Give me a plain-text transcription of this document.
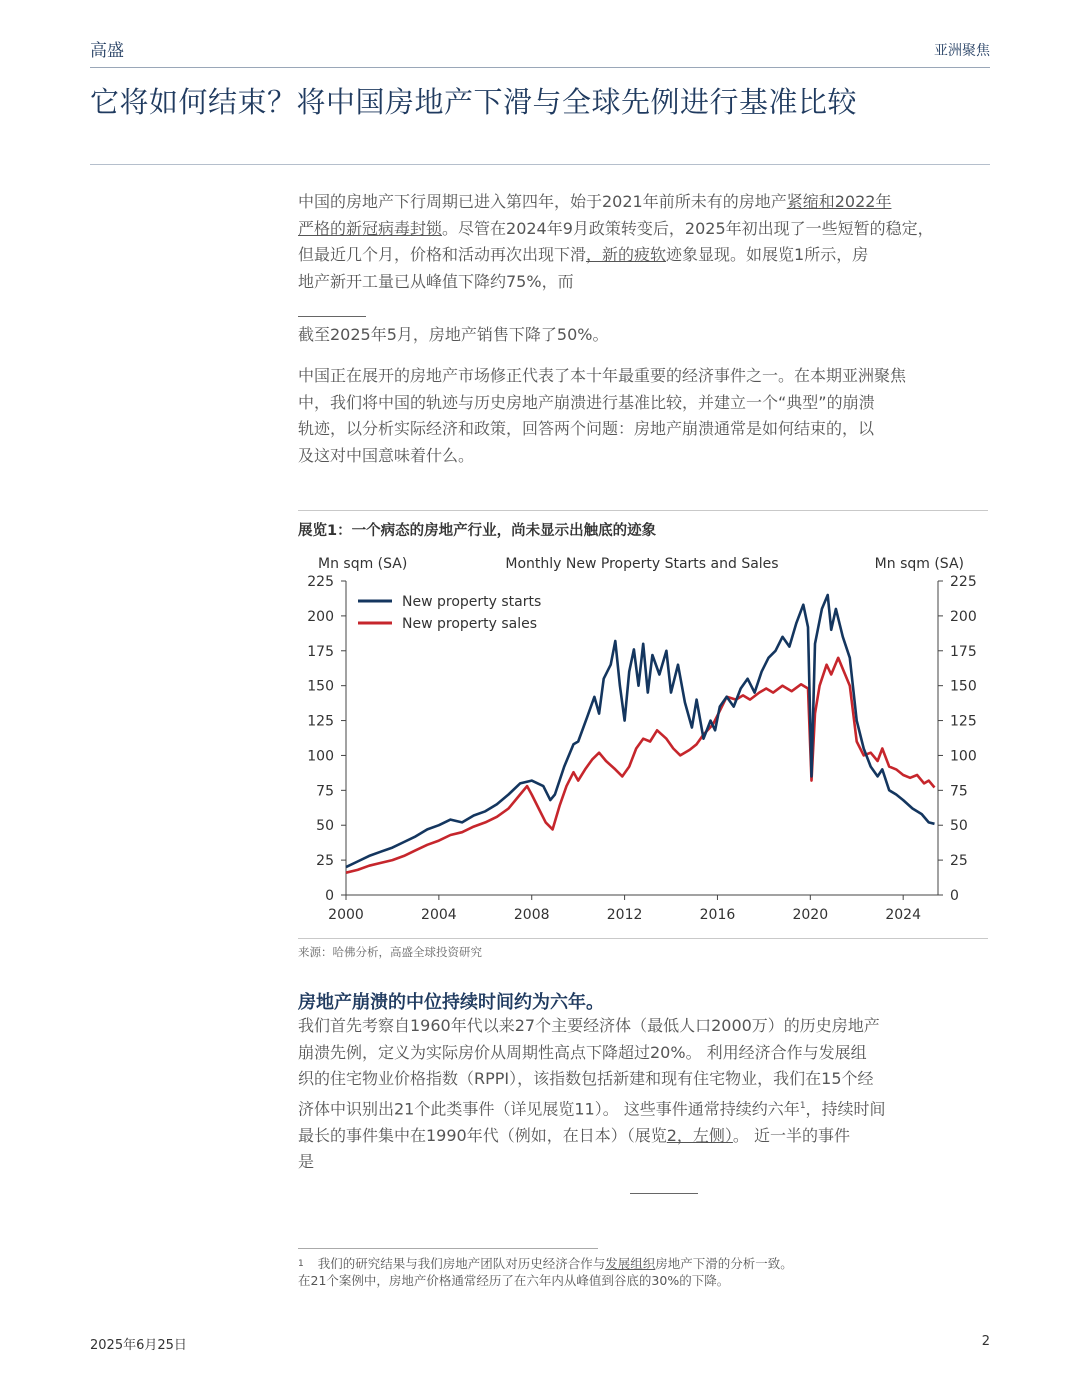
高盛	亚洲聚焦
它将如何结束？将中国房地产下滑与全球先例进行基准比较

中国的房地产下行周期已进入第四年，始于2021年前所未有的房地产紧缩和2022年
严格的新冠病毒封锁。尽管在2024年9月政策转变后，2025年初出现了一些短暂的稳定，
但最近几个月，价格和活动再次出现下滑，新的疲软迹象显现。如展览1所示，房
地产新开工量已从峰值下降约75%，而

截至2025年5月，房地产销售下降了50%。

中国正在展开的房地产市场修正代表了本十年最重要的经济事件之一。在本期亚洲聚焦
中，我们将中国的轨迹与历史房地产崩溃进行基准比较，并建立一个“典型”的崩溃
轨迹，以分析实际经济和政策，回答两个问题：房地产崩溃通常是如何结束的，以
及这对中国意味着什么。

展览1：一个病态的房地产行业，尚未显示出触底的迹象
Mn sqm (SA)	Monthly New Property Starts and Sales	Mn sqm (SA)
0
25
50
75
100
125
150
175
200
225
0
25
50
75
100
125
150
175
200
225
2000	2004	2008	2012	2016	2020	2024
New property starts
New property sales
来源：哈佛分析，高盛全球投资研究
房地产崩溃的中位持续时间约为六年。

我们首先考察自1960年代以来27个主要经济体（最低人口2000万）的历史房地产
崩溃先例，定义为实际房价从周期性高点下降超过20%。 利用经济合作与发展组
织的住宅物业价格指数（RPPI），该指数包括新建和现有住宅物业，我们在15个经
济体中识别出21个此类事件（详见展览11）。 这些事件通常持续约六年$^1$，持续时间
最长的事件集中在1990年代（例如，在日本）（展览2，左侧）。 近一半的事件
是

$^1$ 我们的研究结果与我们房地产团队对历史经济合作与发展组织房地产下滑的分析一致。
在21个案例中，房地产价格通常经历了在六年内从峰值到谷底的30%的下降。
2025年6月25日	2
